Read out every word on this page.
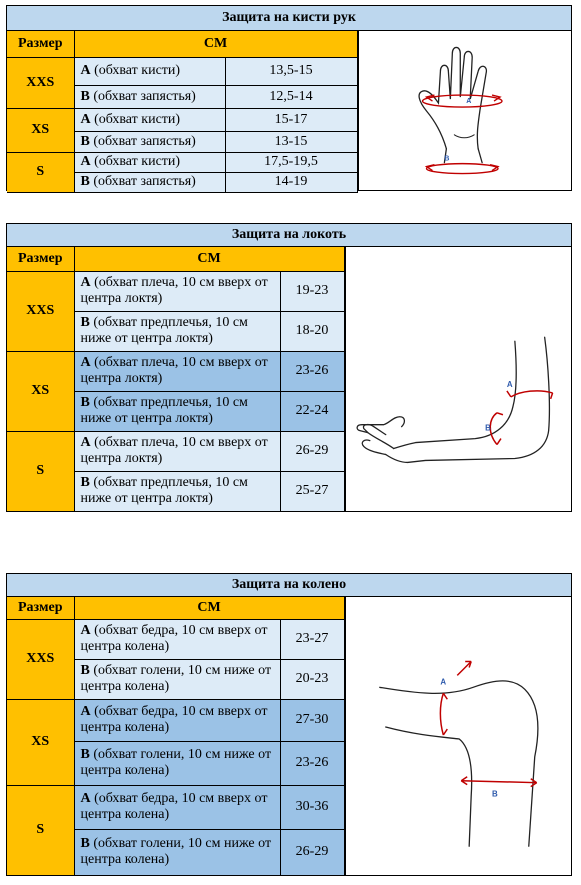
Защита на кисти рук
Размер	СМ	
XXS	A (обхват кисти)	13,5-15
	B (обхват запястья)	12,5-14
XS	A (обхват кисти)	15-17
	B (обхват запястья)	13-15
S	A (обхват кисти)	17,5-19,5
	B (обхват запястья)	14-19
A
B
Защита на локоть
Размер	СМ	
XXS	A (обхват плеча, 10 см вверх от центра локтя)	19-23
	B (обхват предплечья, 10 см ниже от центра локтя)	18-20
XS	A (обхват плеча, 10 см вверх от центра локтя)	23-26
	B (обхват предплечья, 10 см ниже от центра локтя)	22-24
S	A (обхват плеча, 10 см вверх от центра локтя)	26-29
	B (обхват предплечья, 10 см ниже от центра локтя)	25-27
A
B
Защита на колено
Размер	СМ	
XXS	A (обхват бедра, 10 см вверх от центра колена)	23-27
	B (обхват голени, 10 см ниже от центра колена)	20-23
XS	A (обхват бедра, 10 см вверх от центра колена)	27-30
	B (обхват голени, 10 см ниже от центра колена)	23-26
S	A (обхват бедра, 10 см вверх от центра колена)	30-36
	B (обхват голени, 10 см ниже от центра колена)	26-29
A
B
